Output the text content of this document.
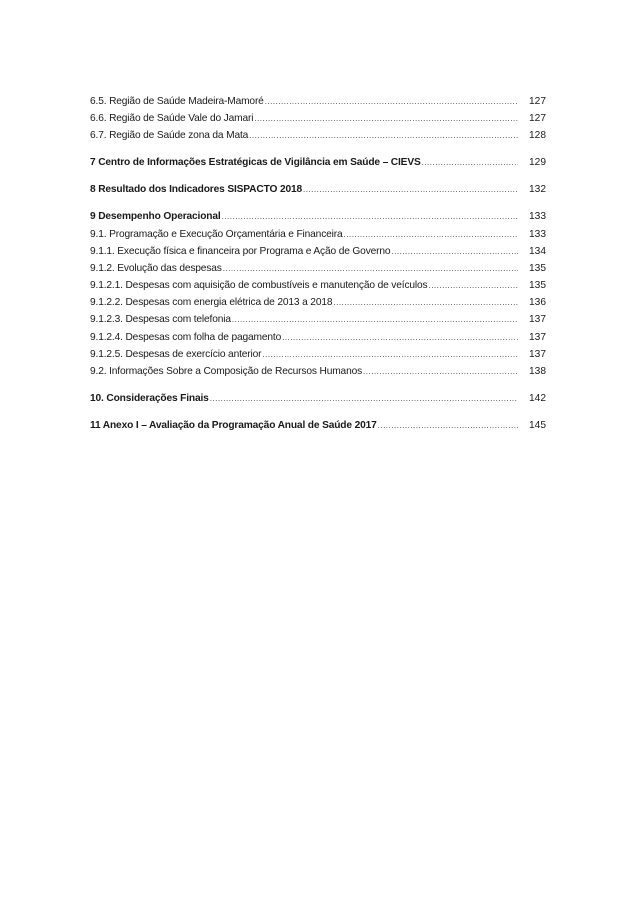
6.5. Região de Saúde Madeira-Mamoré .....	127
6.6. Região de Saúde Vale do Jamari .....	127
6.7. Região de Saúde zona da Mata .....	128
7 Centro de Informações Estratégicas de Vigilância em Saúde – CIEVS .....	129
8 Resultado dos Indicadores SISPACTO 2018 .....	132
9 Desempenho Operacional .....	133
9.1. Programação e Execução Orçamentária e Financeira .....	133
9.1.1. Execução física e financeira por Programa e Ação de Governo .....	134
9.1.2. Evolução das despesas .....	135
9.1.2.1. Despesas com aquisição de combustíveis e manutenção de veículos .....	135
9.1.2.2. Despesas com energia elétrica de 2013 a 2018 .....	136
9.1.2.3. Despesas com telefonia .....	137
9.1.2.4. Despesas com folha de pagamento .....	137
9.1.2.5. Despesas de exercício anterior .....	137
9.2. Informações Sobre a Composição de Recursos Humanos .....	138
10. Considerações Finais .....	142
11 Anexo I – Avaliação da Programação Anual de Saúde 2017 .....	145
